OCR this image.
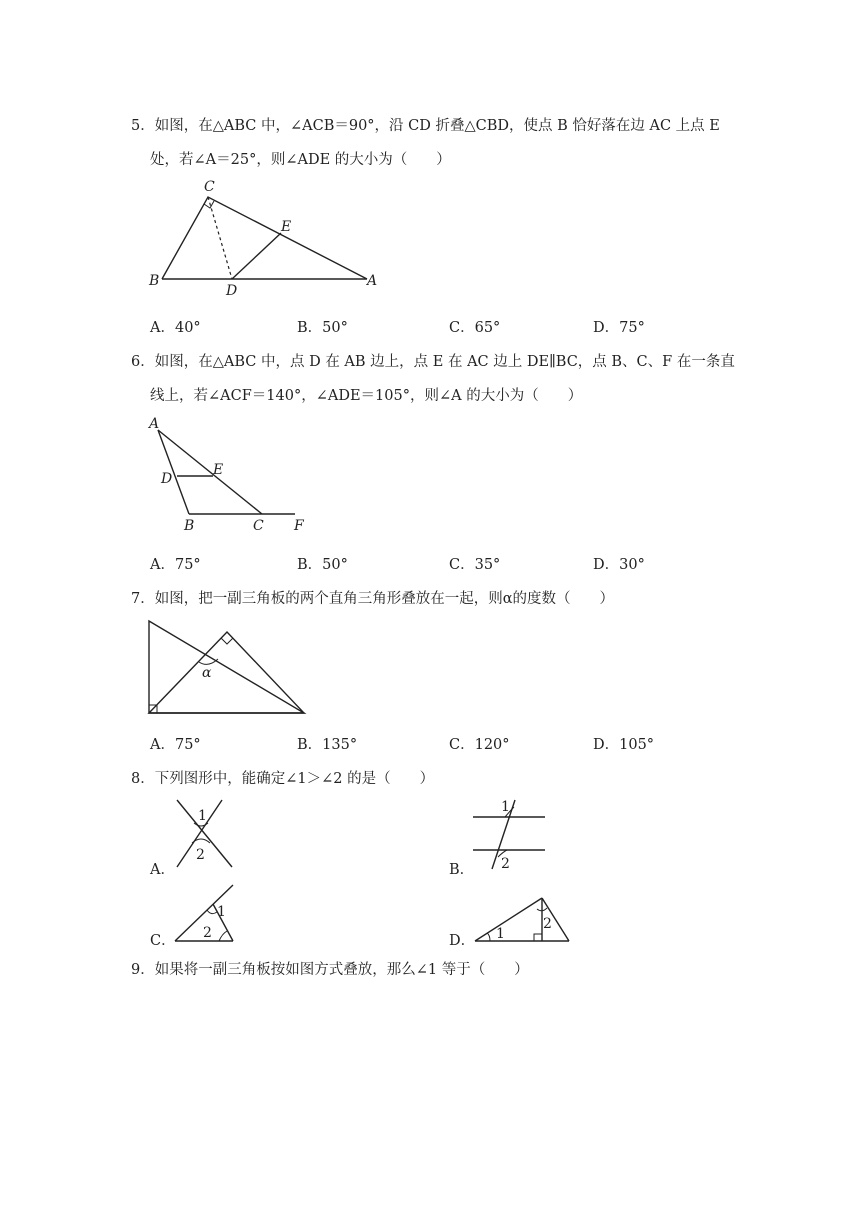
5．如图，在△ABC 中，∠ACB＝90°，沿 CD 折叠△CBD，使点 B 恰好落在边 AC 上点 E
处，若∠A＝25°，则∠ADE 的大小为（　　）
C
E
B
D
A
A．40°	B．50°	C．65°	D．75°
6．如图，在△ABC 中，点 D 在 AB 边上，点 E 在 AC 边上 DE∥BC，点 B、C、F 在一条直
线上，若∠ACF＝140°，∠ADE＝105°，则∠A 的大小为（　　）
A
D
E
B	C F
A．75°	B．50°	C．35°	D．30°
7．如图，把一副三角板的两个直角三角形叠放在一起，则α的度数（　　）
α
A．75°	B．135°	C．120°	D．105°
8．下列图形中，能确定∠1＞∠2 的是（　　）
A．
1
2
B．
1
2
C．
1
2	D． 1
2
9．如果将一副三角板按如图方式叠放，那么∠1 等于（　　）
